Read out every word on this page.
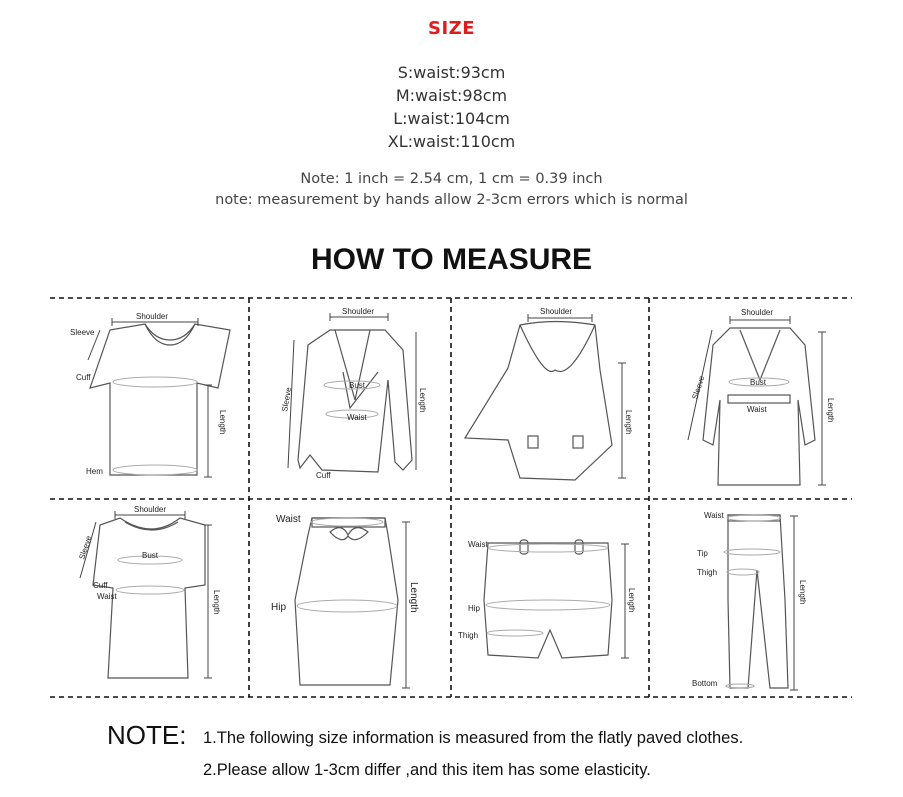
SIZE
S:waist:93cm
M:waist:98cm
L:waist:104cm
XL:waist:110cm
Note: 1 inch = 2.54 cm, 1 cm = 0.39 inch
note: measurement by hands allow 2-3cm errors which is normal
HOW TO MEASURE
Shoulder
Sleeve
Cuff
Hem
Length
Shoulder
Bust
Waist
Cuff
Sleeve	Length
Shoulder
Length
Shoulder
Bust
Waist
Sleeve
Length
Shoulder
Bust
Cuff
Waist
Sleeve
Length
Waist
Hip	Length
Waist
Hip
Thigh
Length
Waist
Tip
Thigh
Bottom
Length
NOTE: 1.The following size information is measured from the flatly paved clothes.
2.Please allow 1-3cm differ ,and this item has some elasticity.
